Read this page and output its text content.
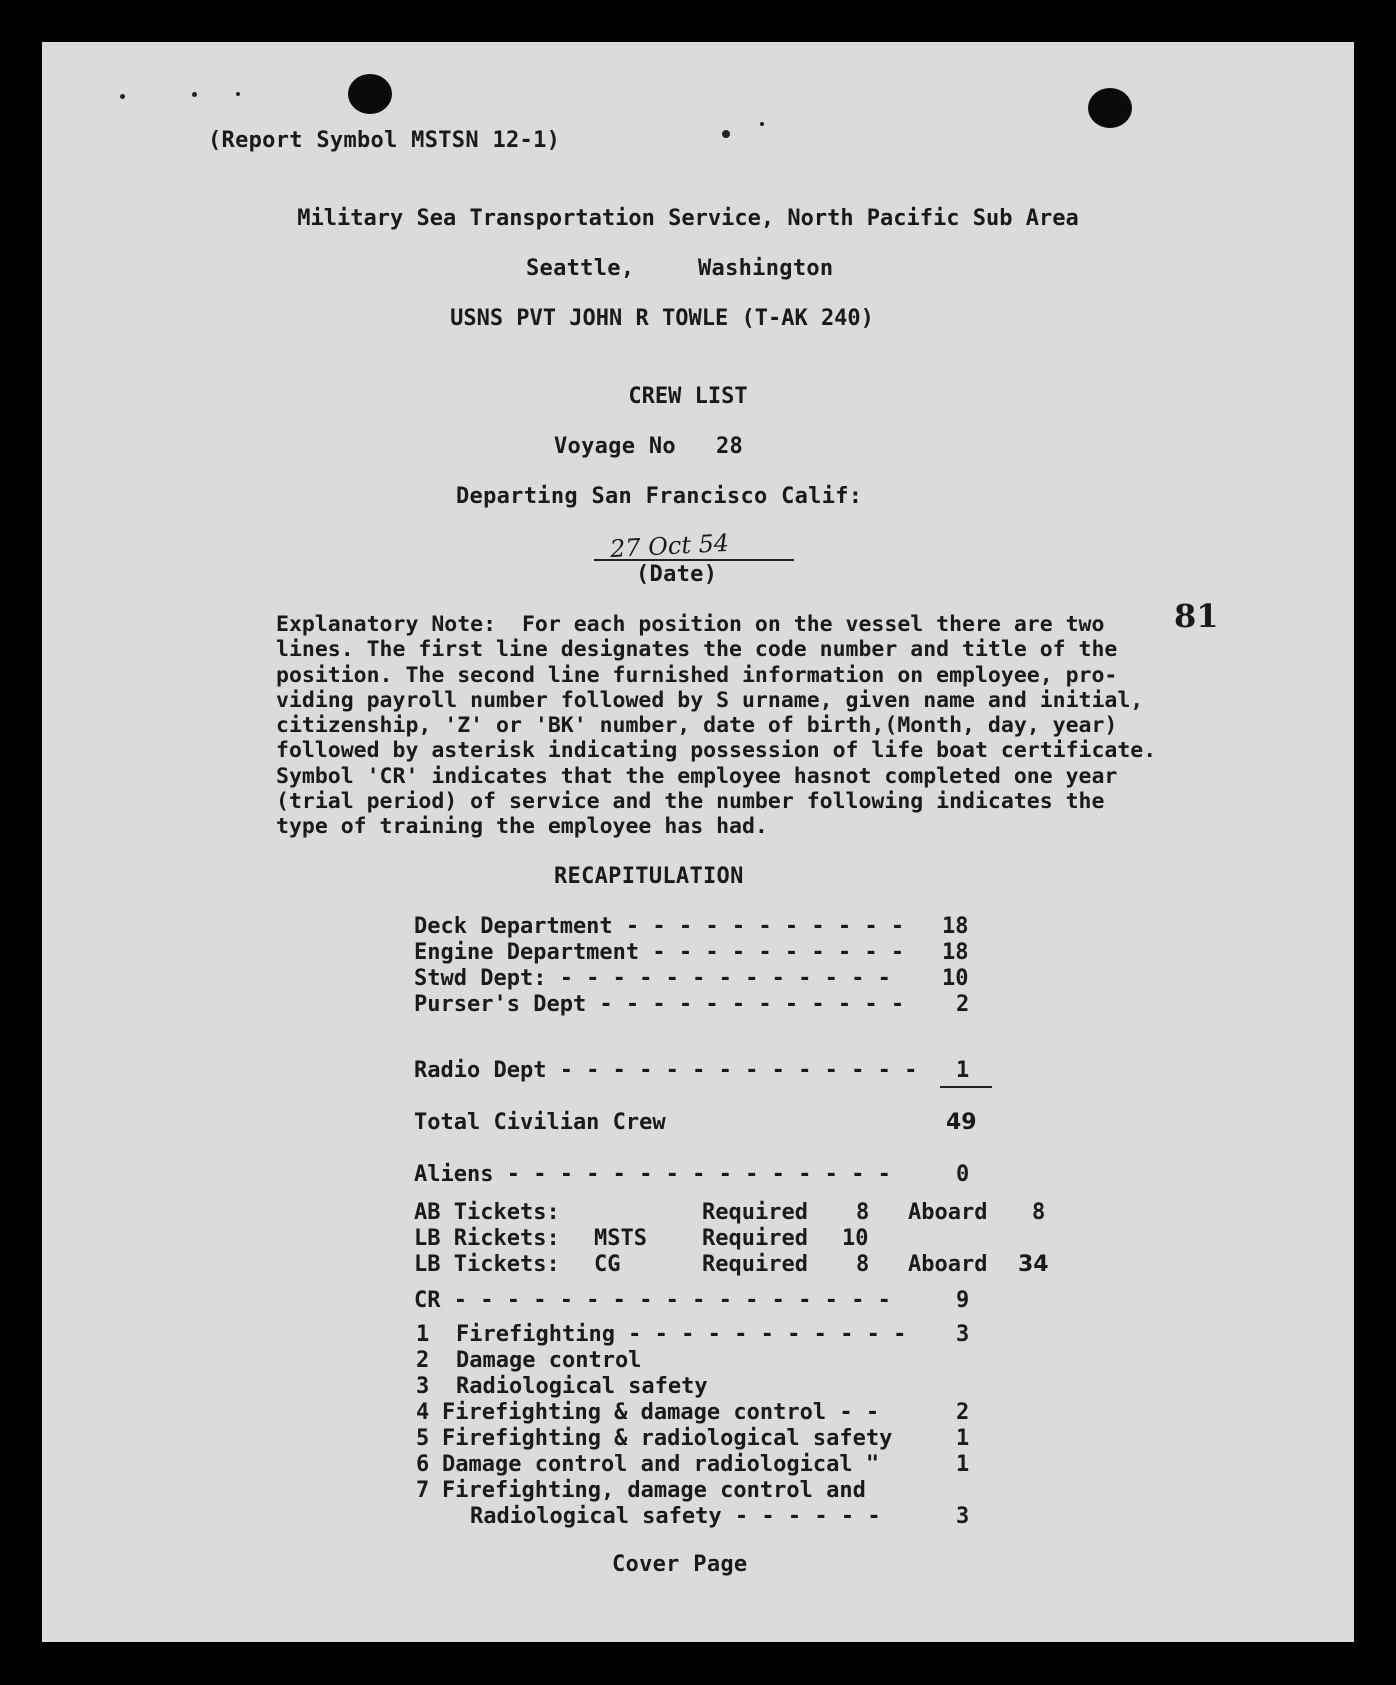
(Report Symbol MSTSN 12-1)
Military Sea Transportation Service, North Pacific Sub Area
Seattle,	Washington
USNS PVT JOHN R TOWLE (T-AK 240)
CREW LIST
Voyage No 28
Departing San Francisco Calif:
27 Oct 54
(Date)
81
Explanatory Note:  For each position on the vessel there are two
lines. The first line designates the code number and title of the
position. The second line furnished information on employee, pro-
viding payroll number followed by S urname, given name and initial,
citizenship, 'Z' or 'BK' number, date of birth,(Month, day, year)
followed by asterisk indicating possession of life boat certificate.
Symbol 'CR' indicates that the employee hasnot completed one year
(trial period) of service and the number following indicates the
type of training the employee has had.
RECAPITULATION
Deck Department - - - - - - - - - - - 18
Engine Department - - - - - - - - - - 18
Stwd Dept: - - - - - - - - - - - - - 10
Purser's Dept - - - - - - - - - - - - 2
Radio Dept - - - - - - - - - - - - - - 1
Total Civilian Crew	49
Aliens - - - - - - - - - - - - - - -	0
AB Tickets:	Required 8 Aboard 8
LB Rickets: MSTS	Required 10
LB Tickets: CG	Required 8 Aboard 34
CR - - - - - - - - - - - - - - - - -	9
1 Firefighting - - - - - - - - - - - 3
2 Damage control
3 Radiological safety
4 Firefighting & damage control - -	2
5 Firefighting & radiological safety	1
6 Damage control and radiological "	1
7 Firefighting, damage control and
Radiological safety - - - - - -	3
Cover Page
